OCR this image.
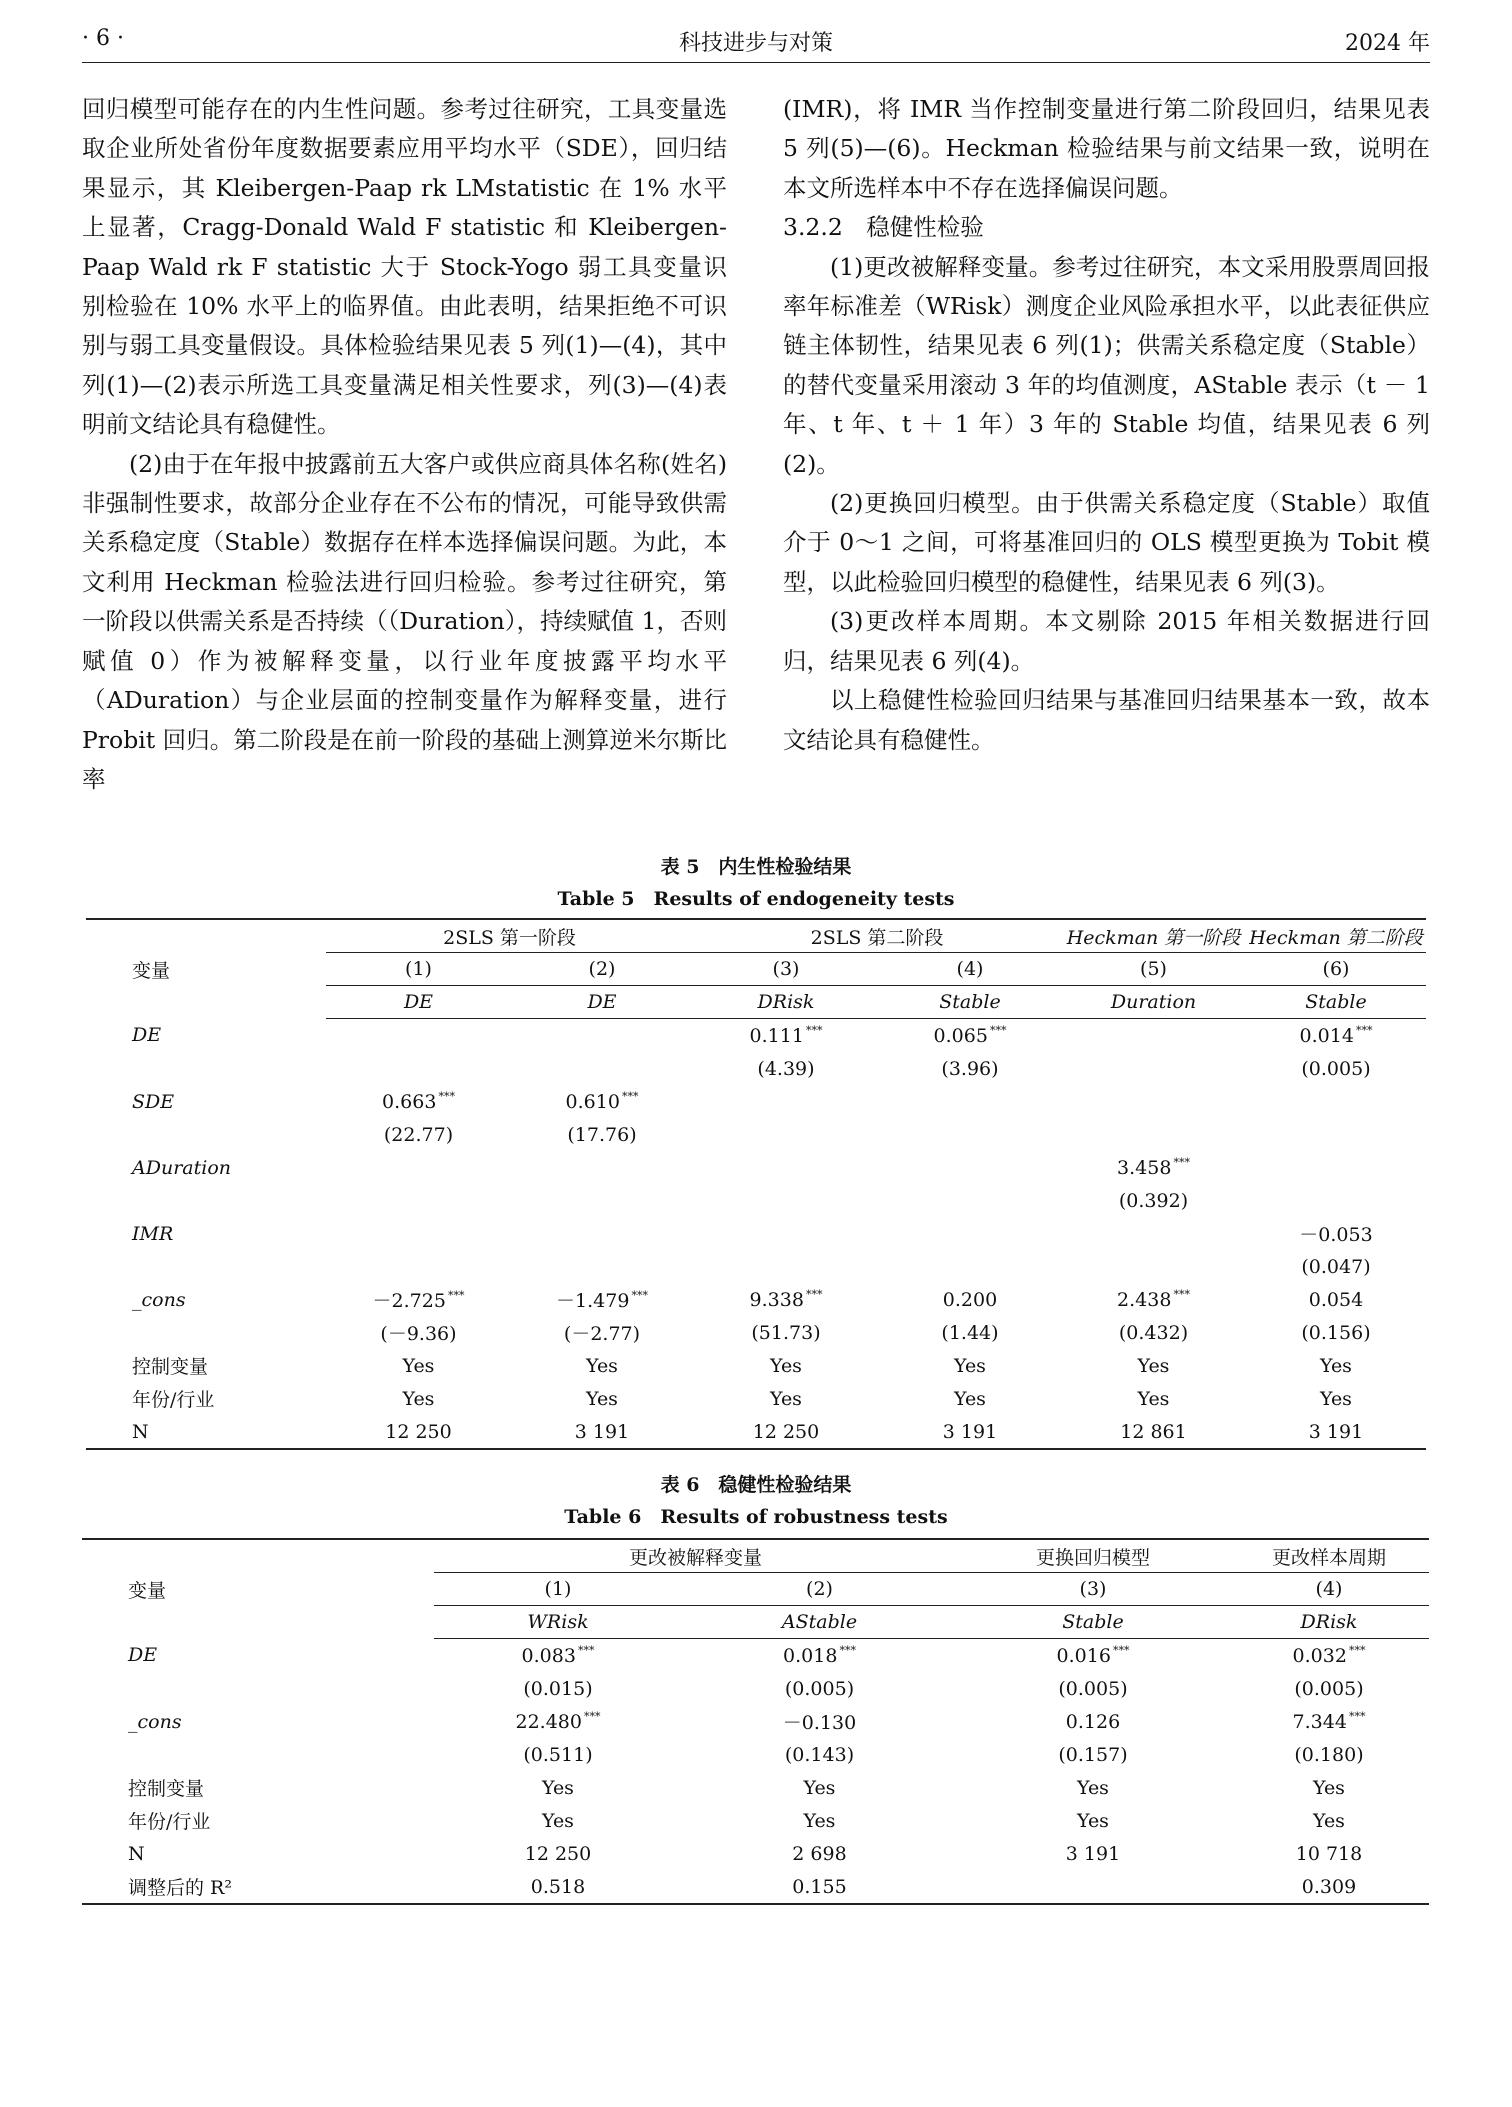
· 6 ·	科技进步与对策	2024 年

回归模型可能存在的内生性问题。参考过往研究，工具变量选取企业所处省份年度数据要素应用平均水平（SDE），回归结果显示，其 Kleibergen-Paap rk LMstatistic 在 1% 水平上显著，Cragg-Donald Wald F statistic 和 Kleibergen-Paap Wald rk F statistic 大于 Stock-Yogo 弱工具变量识别检验在 10% 水平上的临界值。由此表明，结果拒绝不可识别与弱工具变量假设。具体检验结果见表 5 列(1)—(4)，其中列(1)—(2)表示所选工具变量满足相关性要求，列(3)—(4)表明前文结论具有稳健性。

(2)由于在年报中披露前五大客户或供应商具体名称(姓名)非强制性要求，故部分企业存在不公布的情况，可能导致供需关系稳定度（Stable）数据存在样本选择偏误问题。为此，本文利用 Heckman 检验法进行回归检验。参考过往研究，第一阶段以供需关系是否持续（（Duration），持续赋值 1，否则赋值 0）作为被解释变量，以行业年度披露平均水平（ADuration）与企业层面的控制变量作为解释变量，进行 Probit 回归。第二阶段是在前一阶段的基础上测算逆米尔斯比率

(IMR)，将 IMR 当作控制变量进行第二阶段回归，结果见表 5 列(5)—(6)。Heckman 检验结果与前文结果一致，说明在本文所选样本中不存在选择偏误问题。

3.2.2　稳健性检验

(1)更改被解释变量。参考过往研究，本文采用股票周回报率年标准差（WRisk）测度企业风险承担水平，以此表征供应链主体韧性，结果见表 6 列(1)；供需关系稳定度（Stable）的替代变量采用滚动 3 年的均值测度，AStable 表示（t － 1 年、t 年、t ＋ 1 年）3 年的 Stable 均值，结果见表 6 列(2)。

(2)更换回归模型。由于供需关系稳定度（Stable）取值介于 0～1 之间，可将基准回归的 OLS 模型更换为 Tobit 模型，以此检验回归模型的稳健性，结果见表 6 列(3)。

(3)更改样本周期。本文剔除 2015 年相关数据进行回归，结果见表 6 列(4)。

以上稳健性检验回归结果与基准回归结果基本一致，故本文结论具有稳健性。

表 5　内生性检验结果
Table 5　Results of endogeneity tests
变量	2SLS 第一阶段		2SLS 第二阶段		Heckman 第一阶段	Heckman 第二阶段
	(1)	(2)	(3)	(4)	(5)	(6)
	DE	DE	DRisk	Stable	Duration	Stable
DE			0.111 ***	0.065 ***		0.014 ***
			(4.39)	(3.96)		(0.005)
SDE	0.663 ***	0.610 ***				
	(22.77)	(17.76)				
ADuration					3.458 ***	
					(0.392)	
IMR						－0.053
						(0.047)
_cons	－2.725 ***	－1.479 ***	9.338 ***	0.200	2.438 ***	0.054
	(－9.36)	(－2.77)	(51.73)	(1.44)	(0.432)	(0.156)
控制变量	Yes	Yes	Yes	Yes	Yes	Yes
年份/行业	Yes	Yes	Yes	Yes	Yes	Yes
N	12 250	3 191	12 250	3 191	12 861	3 191
表 6　稳健性检验结果
Table 6　Results of robustness tests
变量	更改被解释变量		更换回归模型	更改样本周期
	(1)	(2)	(3)	(4)
	WRisk	AStable	Stable	DRisk
DE	0.083 ***	0.018 ***	0.016 ***	0.032 ***
	(0.015)	(0.005)	(0.005)	(0.005)
_cons	22.480 ***	－0.130	0.126	7.344 ***
	(0.511)	(0.143)	(0.157)	(0.180)
控制变量	Yes	Yes	Yes	Yes
年份/行业	Yes	Yes	Yes	Yes
N	12 250	2 698	3 191	10 718
调整后的 R²	0.518	0.155		0.309
